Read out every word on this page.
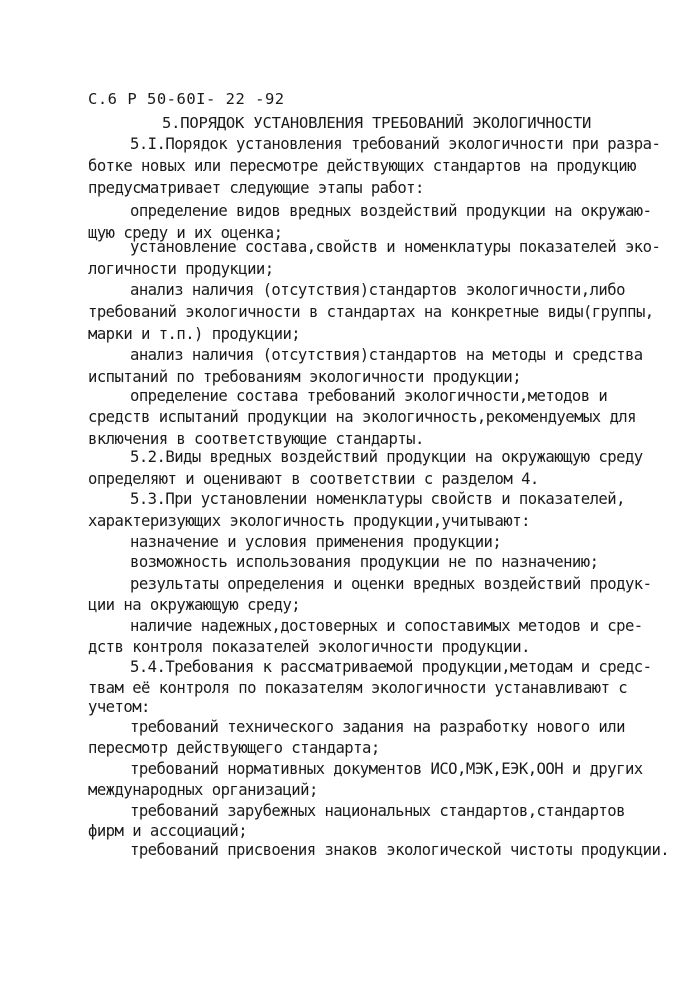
С.6 Р 50-60I- 22 -92
5.ПОРЯДОК УСТАНОВЛЕНИЯ ТРЕБОВАНИЙ ЭКОЛОГИЧНОСТИ
5.I.Порядок установления требований экологичности при разра-
ботке новых или пересмотре действующих стандартов на продукцию
предусматривает следующие этапы работ:
определение видов вредных воздействий продукции на окружаю-
щую среду и их оценка;
установление состава,свойств и номенклатуры показателей эко-
логичности продукции;
анализ наличия (отсутствия)стандартов экологичности,либо
требований экологичности в стандартах на конкретные виды(группы,
марки и т.п.) продукции;
анализ наличия (отсутствия)стандартов на методы и средства
испытаний по требованиям экологичности продукции;
определение состава требований экологичности,методов и
средств испытаний продукции на экологичность,рекомендуемых для
включения в соответствующие стандарты.
5.2.Виды вредных воздействий продукции на окружающую среду
определяют и оценивают в соответствии с разделом 4.
5.3.При установлении номенклатуры свойств и показателей,
характеризующих экологичность продукции,учитывают:
назначение и условия применения продукции;
возможность использования продукции не по назначению;
результаты определения и оценки вредных воздействий продук-
ции на окружающую среду;
наличие надежных,достоверных и сопоставимых методов и сре-
дств контроля показателей экологичности продукции.
5.4.Требования к рассматриваемой продукции,методам и средс-
твам её контроля по показателям экологичности устанавливают с
учетом:
требований технического задания на разработку нового или
пересмотр действующего стандарта;
требований нормативных документов ИСО,МЭК,ЕЭК,ООН и других
международных организаций;
требований зарубежных национальных стандартов,стандартов
фирм и ассоциаций;
требований присвоения знаков экологической чистоты продукции.
